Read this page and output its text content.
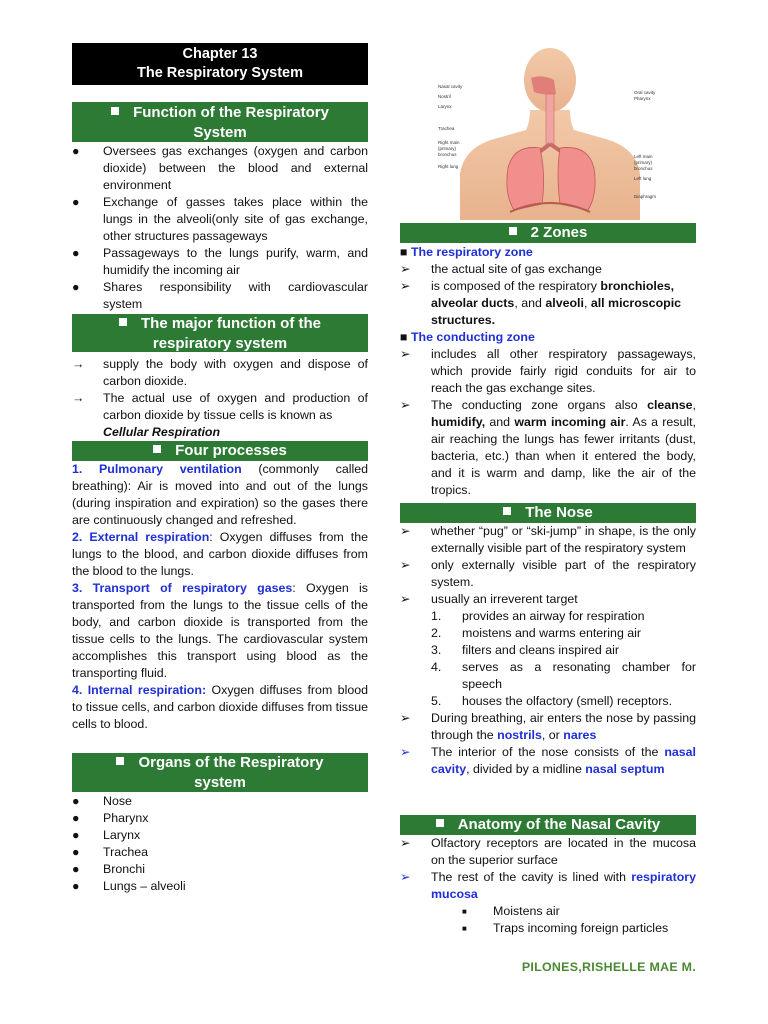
Chapter 13
The Respiratory System
Function of the Respiratory System
● Oversees gas exchanges (oxygen and carbon dioxide) between the blood and external environment
● Exchange of gasses takes place within the lungs in the alveoli(only site of gas exchange, other structures passageways
● Passageways to the lungs purify, warm, and humidify the incoming air
● Shares responsibility with cardiovascular system
The major function of the respiratory system
→ supply the body with oxygen and dispose of carbon dioxide.
→ The actual use of oxygen and production of carbon dioxide by tissue cells is known as
Cellular Respiration
Four processes

1. Pulmonary ventilation (commonly called breathing): Air is moved into and out of the lungs (during inspiration and expiration) so the gases there are continuously changed and refreshed.

2. External respiration: Oxygen diffuses from the lungs to the blood, and carbon dioxide diffuses from the blood to the lungs.

3. Transport of respiratory gases: Oxygen is transported from the lungs to the tissue cells of the body, and carbon dioxide is transported from the tissue cells to the lungs. The cardiovascular system accomplishes this transport using blood as the transporting fluid.

4. Internal respiration: Oxygen diffuses from blood to tissue cells, and carbon dioxide diffuses from tissue cells to blood.

Organs of the Respiratory system
● Nose
● Pharynx
● Larynx
● Trachea
● Bronchi
● Lungs – alveoli
Nasal cavity
Nostril
Larynx
Trachea
Right main (primary) bronchus
Right lung
Oral cavity
Pharynx
Left main (primary) bronchus
Left lung
Diaphragm
2 Zones
■ The respiratory zone
➢ the actual site of gas exchange
➢ is composed of the respiratory bronchioles, alveolar ducts, and alveoli, all microscopic structures.
■ The conducting zone
➢ includes all other respiratory passageways, which provide fairly rigid conduits for air to reach the gas exchange sites.
➢ The conducting zone organs also cleanse, humidify, and warm incoming air. As a result, air reaching the lungs has fewer irritants (dust, bacteria, etc.) than when it entered the body, and it is warm and damp, like the air of the tropics.
The Nose
➢ whether “pug” or “ski-jump” in shape, is the only externally visible part of the respiratory system
➢ only externally visible part of the respiratory system.
➢ usually an irreverent target
1. provides an airway for respiration
2. moistens and warms entering air
3. filters and cleans inspired air
4. serves as a resonating chamber for speech
5. houses the olfactory (smell) receptors.
➢ During breathing, air enters the nose by passing through the nostrils, or nares
➢ The interior of the nose consists of the nasal cavity, divided by a midline nasal septum
Anatomy of the Nasal Cavity
➢ Olfactory receptors are located in the mucosa on the superior surface
➢ The rest of the cavity is lined with respiratory mucosa
■ Moistens air
■ Traps incoming foreign particles
PILONES,RISHELLE MAE M.
